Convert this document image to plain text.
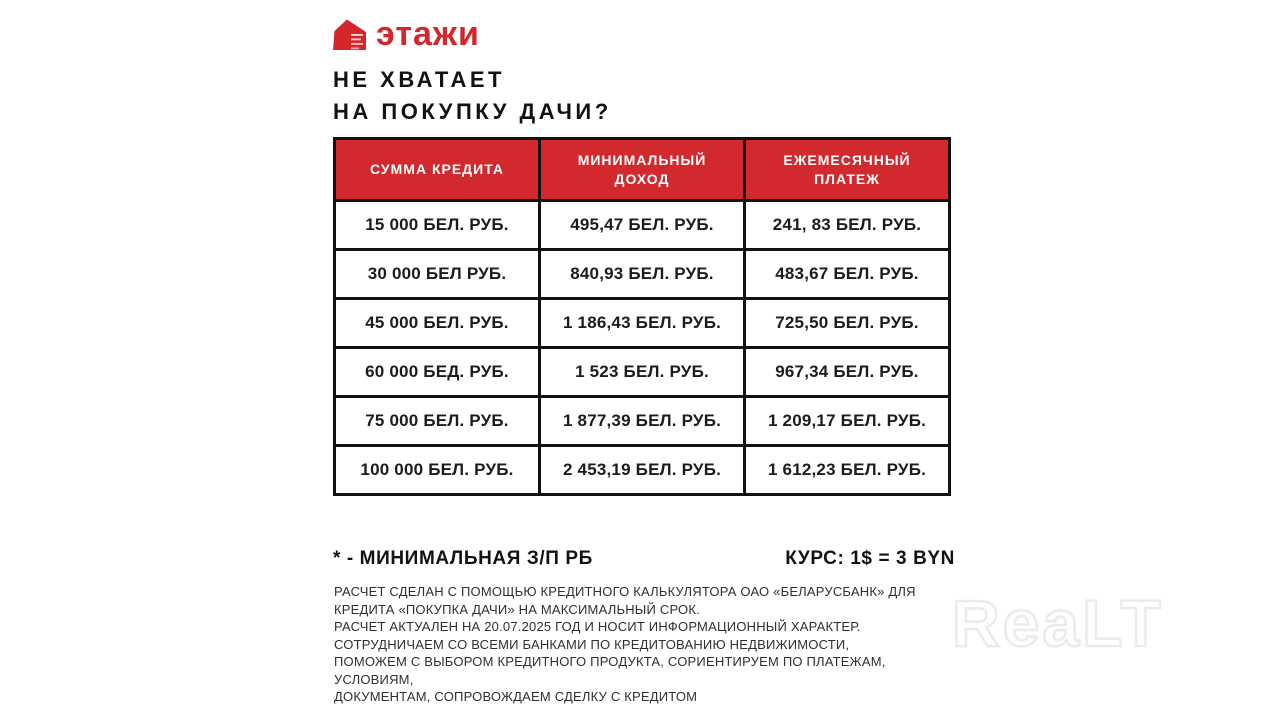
этажи
НЕ ХВАТАЕТ
НА ПОКУПКУ ДАЧИ?
СУММА КРЕДИТА	МИНИМАЛЬНЫЙ ДОХОД	ЕЖЕМЕСЯЧНЫЙ ПЛАТЕЖ
15 000 БЕЛ. РУБ.	495,47 БЕЛ. РУБ.	241, 83 БЕЛ. РУБ.
30 000 БЕЛ РУБ.	840,93 БЕЛ. РУБ.	483,67 БЕЛ. РУБ.
45 000 БЕЛ. РУБ.	1 186,43 БЕЛ. РУБ.	725,50 БЕЛ. РУБ.
60 000 БЕД. РУБ.	1 523 БЕЛ. РУБ.	967,34 БЕЛ. РУБ.
75 000 БЕЛ. РУБ.	1 877,39 БЕЛ. РУБ.	1 209,17 БЕЛ. РУБ.
100 000 БЕЛ. РУБ.	2 453,19 БЕЛ. РУБ.	1 612,23 БЕЛ. РУБ.
* - МИНИМАЛЬНАЯ З/П РБ	КУРС: 1$ = 3 BYN
РАСЧЕТ СДЕЛАН С ПОМОЩЬЮ КРЕДИТНОГО КАЛЬКУЛЯТОРА ОАО «БЕЛАРУСБАНК» ДЛЯ
КРЕДИТА «ПОКУПКА ДАЧИ» НА МАКСИМАЛЬНЫЙ СРОК.
РАСЧЕТ АКТУАЛЕН НА 20.07.2025 ГОД И НОСИТ ИНФОРМАЦИОННЫЙ ХАРАКТЕР.
СОТРУДНИЧАЕМ СО ВСЕМИ БАНКАМИ ПО КРЕДИТОВАНИЮ НЕДВИЖИМОСТИ,
ПОМОЖЕМ С ВЫБОРОМ КРЕДИТНОГО ПРОДУКТА, СОРИЕНТИРУЕМ ПО ПЛАТЕЖАМ,
УСЛОВИЯМ,
ДОКУМЕНТАМ, СОПРОВОЖДАЕМ СДЕЛКУ С КРЕДИТОМ
ReaLT
